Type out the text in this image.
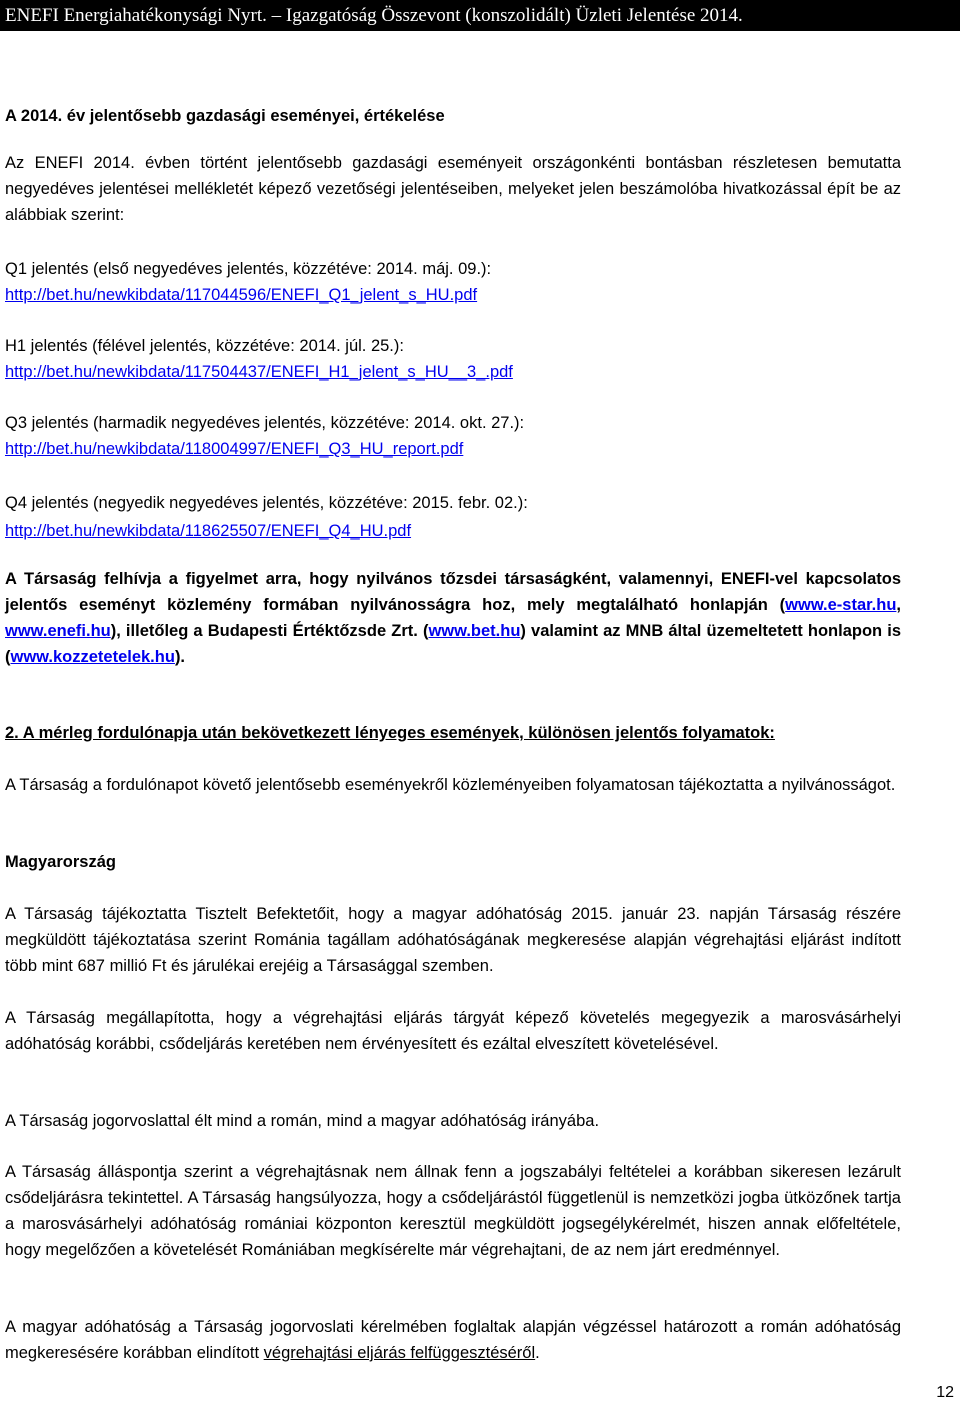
ENEFI Energiahatékonysági Nyrt. – Igazgatóság Összevont (konszolidált) Üzleti Jelentése 2014.
A 2014. év jelentősebb gazdasági eseményei, értékelése
Az ENEFI 2014. évben történt jelentősebb gazdasági eseményeit országonkénti bontásban részletesen bemutatta negyedéves jelentései mellékletét képező vezetőségi jelentéseiben, melyeket jelen beszámolóba hivatkozással épít be az alábbiak szerint:
Q1 jelentés (első negyedéves jelentés, közzétéve: 2014. máj. 09.):
http://bet.hu/newkibdata/117044596/ENEFI_Q1_jelent_s_HU.pdf
H1 jelentés (félével jelentés, közzétéve: 2014. júl. 25.):
http://bet.hu/newkibdata/117504437/ENEFI_H1_jelent_s_HU__3_.pdf
Q3 jelentés (harmadik negyedéves jelentés, közzétéve: 2014. okt. 27.):
http://bet.hu/newkibdata/118004997/ENEFI_Q3_HU_report.pdf
Q4 jelentés (negyedik negyedéves jelentés, közzétéve: 2015. febr. 02.):
http://bet.hu/newkibdata/118625507/ENEFI_Q4_HU.pdf
A Társaság felhívja a figyelmet arra, hogy nyilvános tőzsdei társaságként, valamennyi, ENEFI-vel kapcsolatos jelentős eseményt közlemény formában nyilvánosságra hoz, mely megtalálható honlapján (www.e-star.hu, www.enefi.hu), illetőleg a Budapesti Értéktőzsde Zrt. (www.bet.hu) valamint az MNB által üzemeltetett honlapon is (www.kozzetetelek.hu).
2. A mérleg fordulónapja után bekövetkezett lényeges események, különösen jelentős folyamatok:
A Társaság a fordulónapot követő jelentősebb eseményekről közleményeiben folyamatosan tájékoztatta a nyilvánosságot.
Magyarország
A Társaság tájékoztatta Tisztelt Befektetőit, hogy a magyar adóhatóság 2015. január 23. napján Társaság részére megküldött tájékoztatása szerint Románia tagállam adóhatóságának megkeresése alapján végrehajtási eljárást indított több mint 687 millió Ft és járulékai erejéig a Társasággal szemben.
A Társaság megállapította, hogy a végrehajtási eljárás tárgyát képező követelés megegyezik a marosvásárhelyi adóhatóság korábbi, csődeljárás keretében nem érvényesített és ezáltal elveszített követelésével.
A Társaság jogorvoslattal élt mind a román, mind a magyar adóhatóság irányába.
A Társaság álláspontja szerint a végrehajtásnak nem állnak fenn a jogszabályi feltételei a korábban sikeresen lezárult csődeljárásra tekintettel. A Társaság hangsúlyozza, hogy a csődeljárástól függetlenül is nemzetközi jogba ütközőnek tartja a marosvásárhelyi adóhatóság romániai központon keresztül megküldött jogsegélykérelmét, hiszen annak előfeltétele, hogy megelőzően a követelését Romániában megkísérelte már végrehajtani, de az nem járt eredménnyel.
A magyar adóhatóság a Társaság jogorvoslati kérelmében foglaltak alapján végzéssel határozott a román adóhatóság megkeresésére korábban elindított végrehajtási eljárás felfüggesztéséről.
12
